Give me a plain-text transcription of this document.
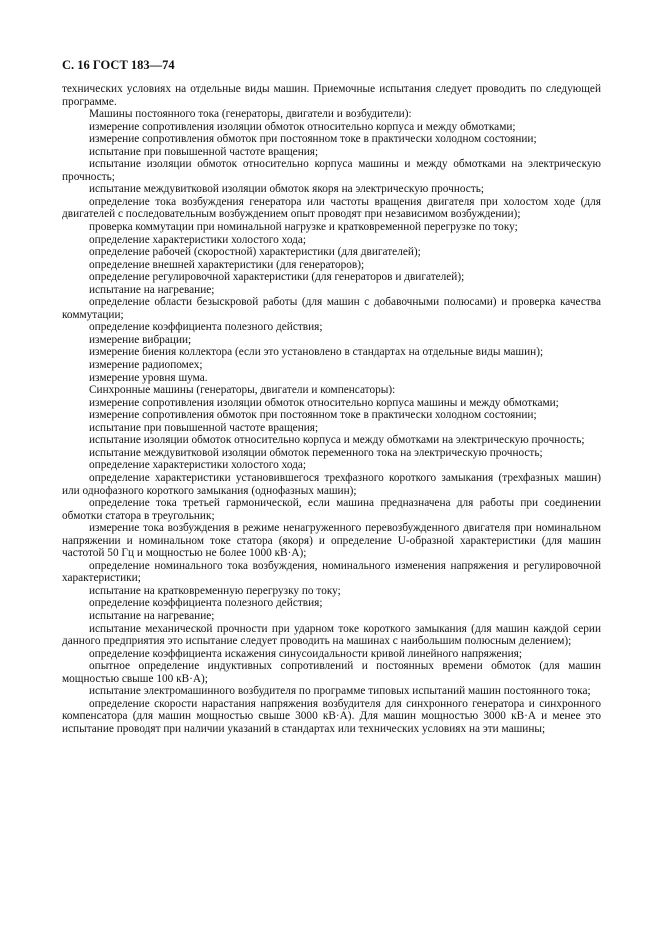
С. 16 ГОСТ 183—74

технических условиях на отдельные виды машин. Приемочные испытания следует проводить по следующей программе.

Машины постоянного тока (генераторы, двигатели и возбудители):

измерение сопротивления изоляции обмоток относительно корпуса и между обмотками;

измерение сопротивления обмоток при постоянном токе в практически холодном состоянии;

испытание при повышенной частоте вращения;

испытание изоляции обмоток относительно корпуса машины и между обмотками на электрическую прочность;

испытание междувитковой изоляции обмоток якоря на электрическую прочность;

определение тока возбуждения генератора или частоты вращения двигателя при холостом ходе (для двигателей с последовательным возбуждением опыт проводят при независимом возбуждении);

проверка коммутации при номинальной нагрузке и кратковременной перегрузке по току;

определение характеристики холостого хода;

определение рабочей (скоростной) характеристики (для двигателей);

определение внешней характеристики (для генераторов);

определение регулировочной характеристики (для генераторов и двигателей);

испытание на нагревание;

определение области безыскровой работы (для машин с добавочными полюсами) и проверка качества коммутации;

определение коэффициента полезного действия;

измерение вибрации;

измерение биения коллектора (если это установлено в стандартах на отдельные виды машин);

измерение радиопомех;

измерение уровня шума.

Синхронные машины (генераторы, двигатели и компенсаторы):

измерение сопротивления изоляции обмоток относительно корпуса машины и между обмотками;

измерение сопротивления обмоток при постоянном токе в практически холодном состоянии;

испытание при повышенной частоте вращения;

испытание изоляции обмоток относительно корпуса и между обмотками на электрическую прочность;

испытание междувитковой изоляции обмоток переменного тока на электрическую прочность;

определение характеристики холостого хода;

определение характеристики установившегося трехфазного короткого замыкания (трехфазных машин) или однофазного короткого замыкания (однофазных машин);

определение тока третьей гармонической, если машина предназначена для работы при соединении обмотки статора в треугольник;

измерение тока возбуждения в режиме ненагруженного перевозбужденного двигателя при номинальном напряжении и номинальном токе статора (якоря) и определение U-образной характеристики (для машин частотой 50 Гц и мощностью не более 1000 кВ·А);

определение номинального тока возбуждения, номинального изменения напряжения и регулировочной характеристики;

испытание на кратковременную перегрузку по току;

определение коэффициента полезного действия;

испытание на нагревание;

испытание механической прочности при ударном токе короткого замыкания (для машин каждой серии данного предприятия это испытание следует проводить на машинах с наибольшим полюсным делением);

определение коэффициента искажения синусоидальности кривой линейного напряжения;

опытное определение индуктивных сопротивлений и постоянных времени обмоток (для машин мощностью свыше 100 кВ·А);

испытание электромашинного возбудителя по программе типовых испытаний машин постоянного тока;

определение скорости нарастания напряжения возбудителя для синхронного генератора и синхронного компенсатора (для машин мощностью свыше 3000 кВ·А). Для машин мощностью 3000 кВ·А и менее это испытание проводят при наличии указаний в стандартах или технических условиях на эти машины;
